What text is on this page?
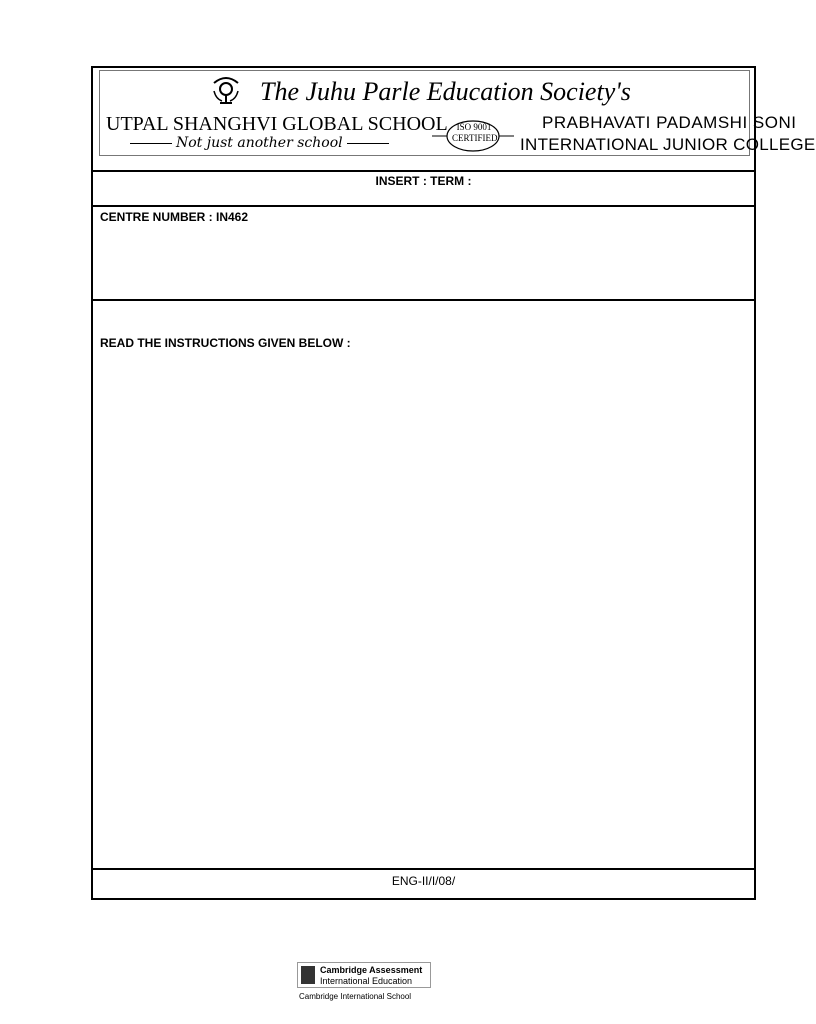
The Juhu Parle Education Society's
UTPAL SHANGHVI GLOBAL SCHOOL
Not just another school
ISO 9001
CERTIFIED
PRABHAVATI PADAMSHI SONI
INTERNATIONAL JUNIOR COLLEGE
INSERT : TERM :
CENTRE NUMBER : IN462
READ THE INSTRUCTIONS GIVEN BELOW :
ENG-II/I/08/
Cambridge Assessment
International Education
Cambridge International School
